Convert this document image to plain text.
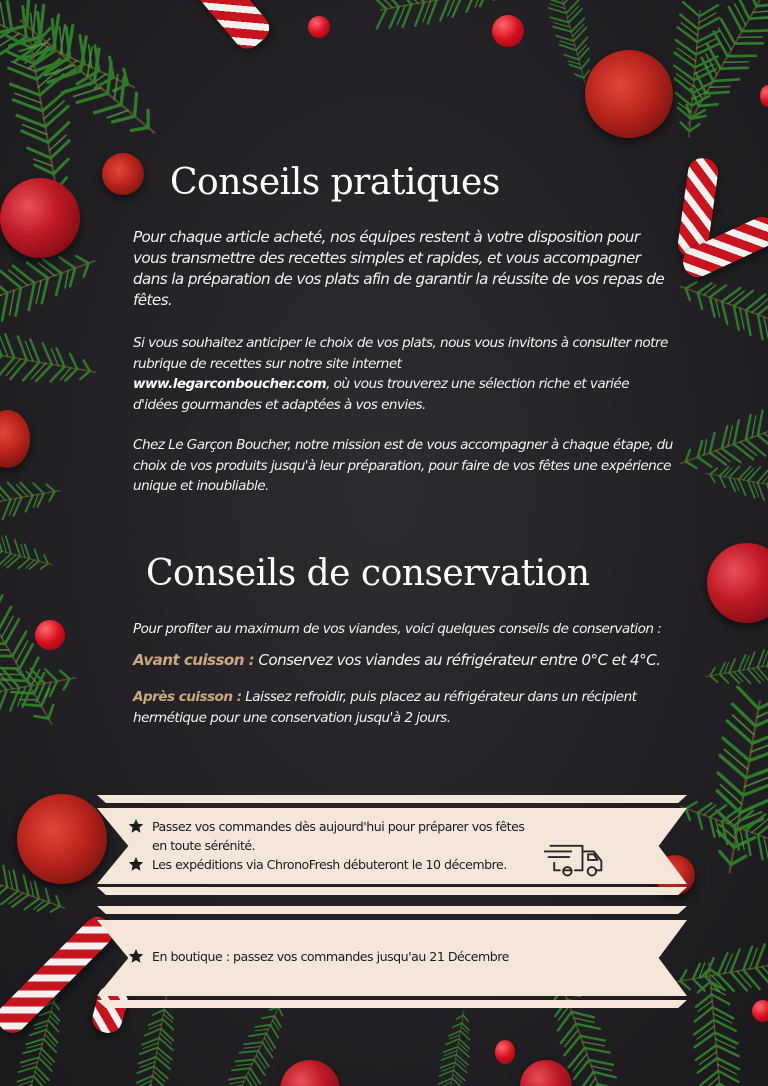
Conseils pratiques

Pour chaque article acheté, nos équipes restent à votre disposition pour vous transmettre des recettes simples et rapides, et vous accompagner dans la préparation de vos plats afin de garantir la réussite de vos repas de fêtes.

Si vous souhaitez anticiper le choix de vos plats, nous vous invitons à consulter notre rubrique de recettes sur notre site internet
www.legarconboucher.com, où vous trouverez une sélection riche et variée d'idées gourmandes et adaptées à vos envies.

Chez Le Garçon Boucher, notre mission est de vous accompagner à chaque étape, du choix de vos produits jusqu'à leur préparation, pour faire de vos fêtes une expérience unique et inoubliable.

Conseils de conservation

Pour profiter au maximum de vos viandes, voici quelques conseils de conservation :

Avant cuisson : Conservez vos viandes au réfrigérateur entre 0°C et 4°C.

Après cuisson : Laissez refroidir, puis placez au réfrigérateur dans un récipient hermétique pour une conservation jusqu'à 2 jours.

Passez vos commandes dès aujourd'hui pour préparer vos fêtes en toute sérénité.
Les expéditions via ChronoFresh débuteront le 10 décembre.
En boutique : passez vos commandes jusqu'au 21 Décembre
